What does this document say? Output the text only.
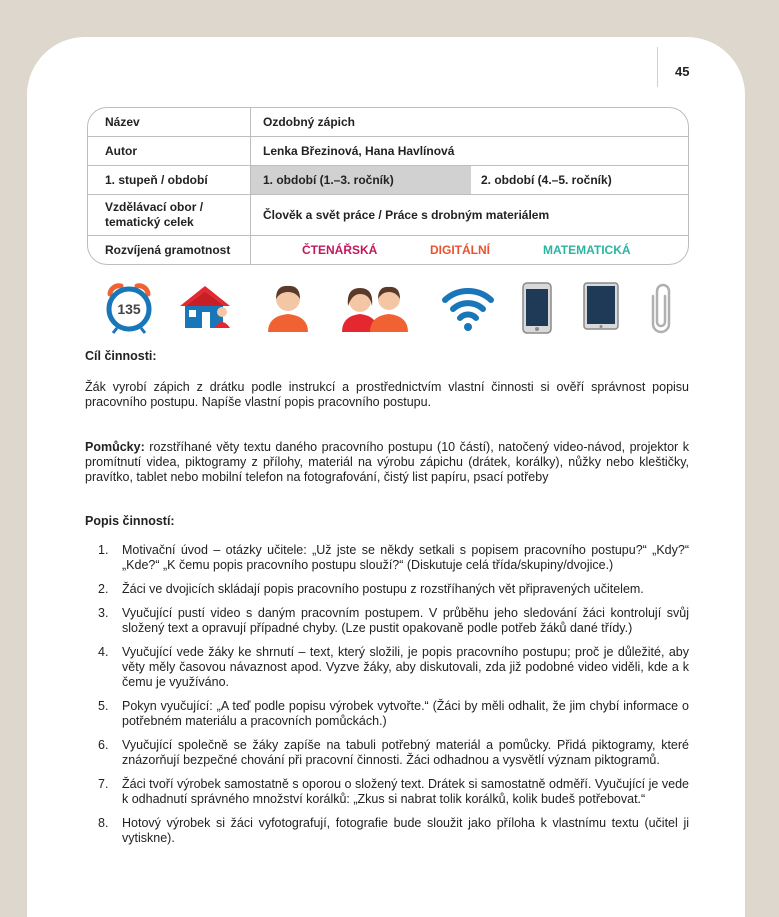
45
Název	Ozdobný zápich
Autor	Lenka Březinová, Hana Havlínová
1. stupeň / období	1. období (1.–3. ročník)	2. období (4.–5. ročník)
Vzdělávací obor / tematický celek	Člověk a svět práce / Práce s drobným materiálem
Rozvíjená gramotnost	ČTENÁŘSKÁ	DIGITÁLNÍ	MATEMATICKÁ
135
Cíl činnosti:
Žák vyrobí zápich z drátku podle instrukcí a prostřednictvím vlastní činnosti si ověří správnost popisu pracovního postupu. Napíše vlastní popis pracovního postupu.
Pomůcky: rozstříhané věty textu daného pracovního postupu (10 částí), natočený video-návod, projektor k promítnutí videa, piktogramy z přílohy, materiál na výrobu zápichu (drátek, korálky), nůžky nebo kleštičky, pravítko, tablet nebo mobilní telefon na fotografování, čistý list papíru, psací potřeby
Popis činností:
1. Motivační úvod – otázky učitele: „Už jste se někdy setkali s popisem pracovního postupu?“ „Kdy?“ „Kde?“ „K čemu popis pracovního postupu slouží?“ (Diskutuje celá třída/skupiny/dvojice.)
2. Žáci ve dvojicích skládají popis pracovního postupu z rozstříhaných vět připravených učitelem.
3. Vyučující pustí video s daným pracovním postupem. V průběhu jeho sledování žáci kontrolují svůj složený text a opravují případné chyby. (Lze pustit opakovaně podle potřeb žáků dané třídy.)
4. Vyučující vede žáky ke shrnutí – text, který složili, je popis pracovního postupu; proč je důležité, aby věty měly časovou návaznost apod. Vyzve žáky, aby diskutovali, zda již podobné video viděli, kde a k čemu je využíváno.
5. Pokyn vyučující: „A teď podle popisu výrobek vytvořte.“ (Žáci by měli odhalit, že jim chybí informace o potřebném materiálu a pracovních pomůckách.)
6. Vyučující společně se žáky zapíše na tabuli potřebný materiál a pomůcky. Přidá piktogramy, které znázorňují bezpečné chování při pracovní činnosti. Žáci odhadnou a vysvětlí význam piktogramů.
7. Žáci tvoří výrobek samostatně s oporou o složený text. Drátek si samostatně odměří. Vyučující je vede k odhadnutí správného množství korálků: „Zkus si nabrat tolik korálků, kolik budeš potřebovat.“
8. Hotový výrobek si žáci vyfotografují, fotografie bude sloužit jako příloha k vlastnímu textu (učitel ji vytiskne).
